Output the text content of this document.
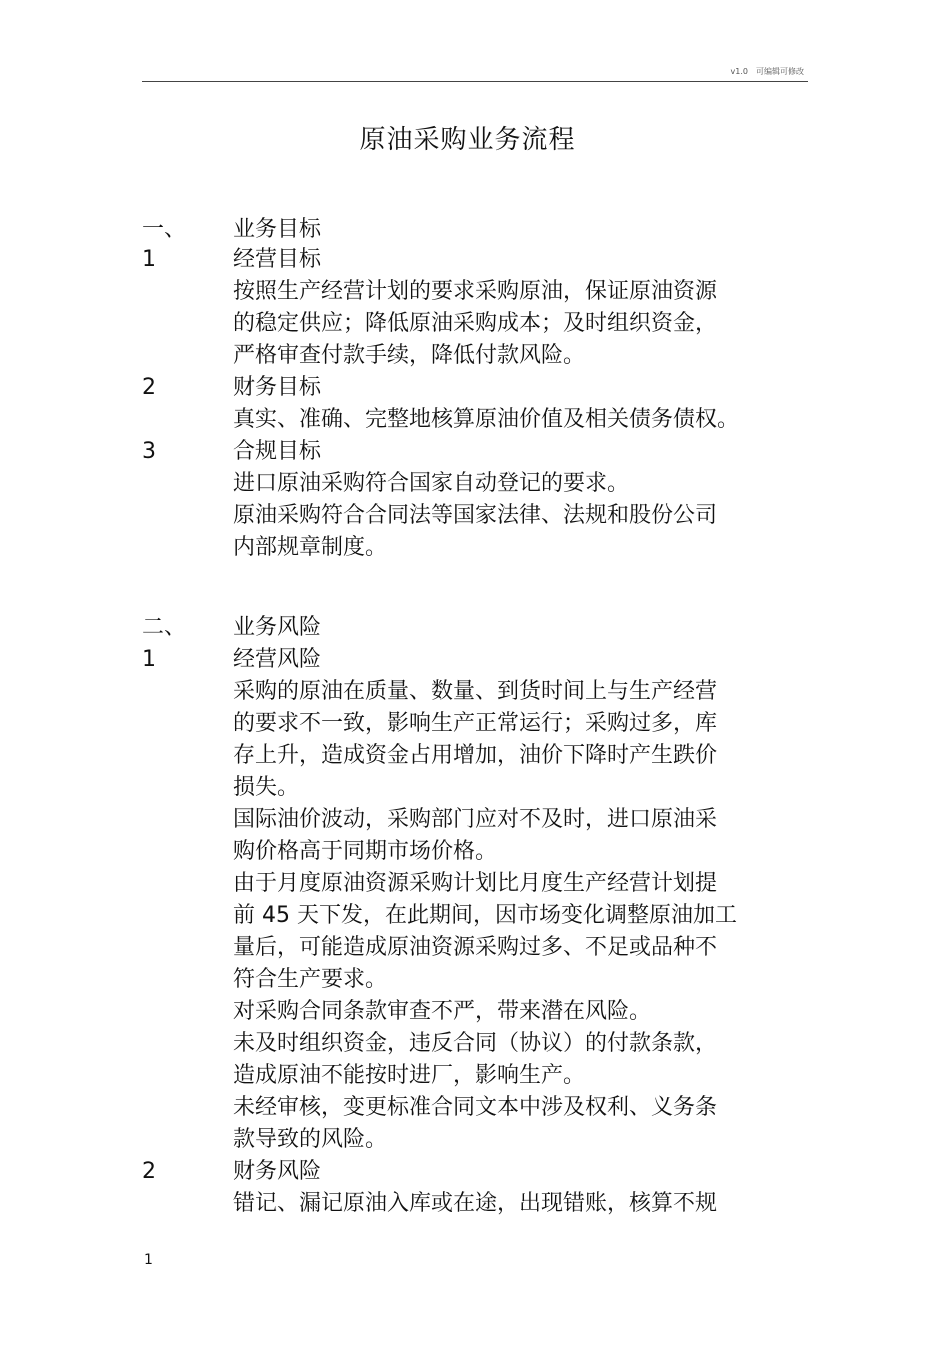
v1.0　可编辑可修改
原油采购业务流程
一、 业务目标
1	经营目标
按照生产经营计划的要求采购原油，保证原油资源
的稳定供应；降低原油采购成本；及时组织资金，
严格审查付款手续，降低付款风险。
2	财务目标
真实、准确、完整地核算原油价值及相关债务债权。
3	合规目标
进口原油采购符合国家自动登记的要求。
原油采购符合合同法等国家法律、法规和股份公司
内部规章制度。
二、 业务风险
1	经营风险
采购的原油在质量、数量、到货时间上与生产经营
的要求不一致，影响生产正常运行；采购过多，库
存上升，造成资金占用增加，油价下降时产生跌价
损失。
国际油价波动，采购部门应对不及时，进口原油采
购价格高于同期市场价格。
由于月度原油资源采购计划比月度生产经营计划提
前 45 天下发，在此期间，因市场变化调整原油加工
量后，可能造成原油资源采购过多、不足或品种不
符合生产要求。
对采购合同条款审查不严，带来潜在风险。
未及时组织资金，违反合同（协议）的付款条款，
造成原油不能按时进厂，影响生产。
未经审核，变更标准合同文本中涉及权利、义务条
款导致的风险。
2	财务风险
错记、漏记原油入库或在途，出现错账，核算不规
1
